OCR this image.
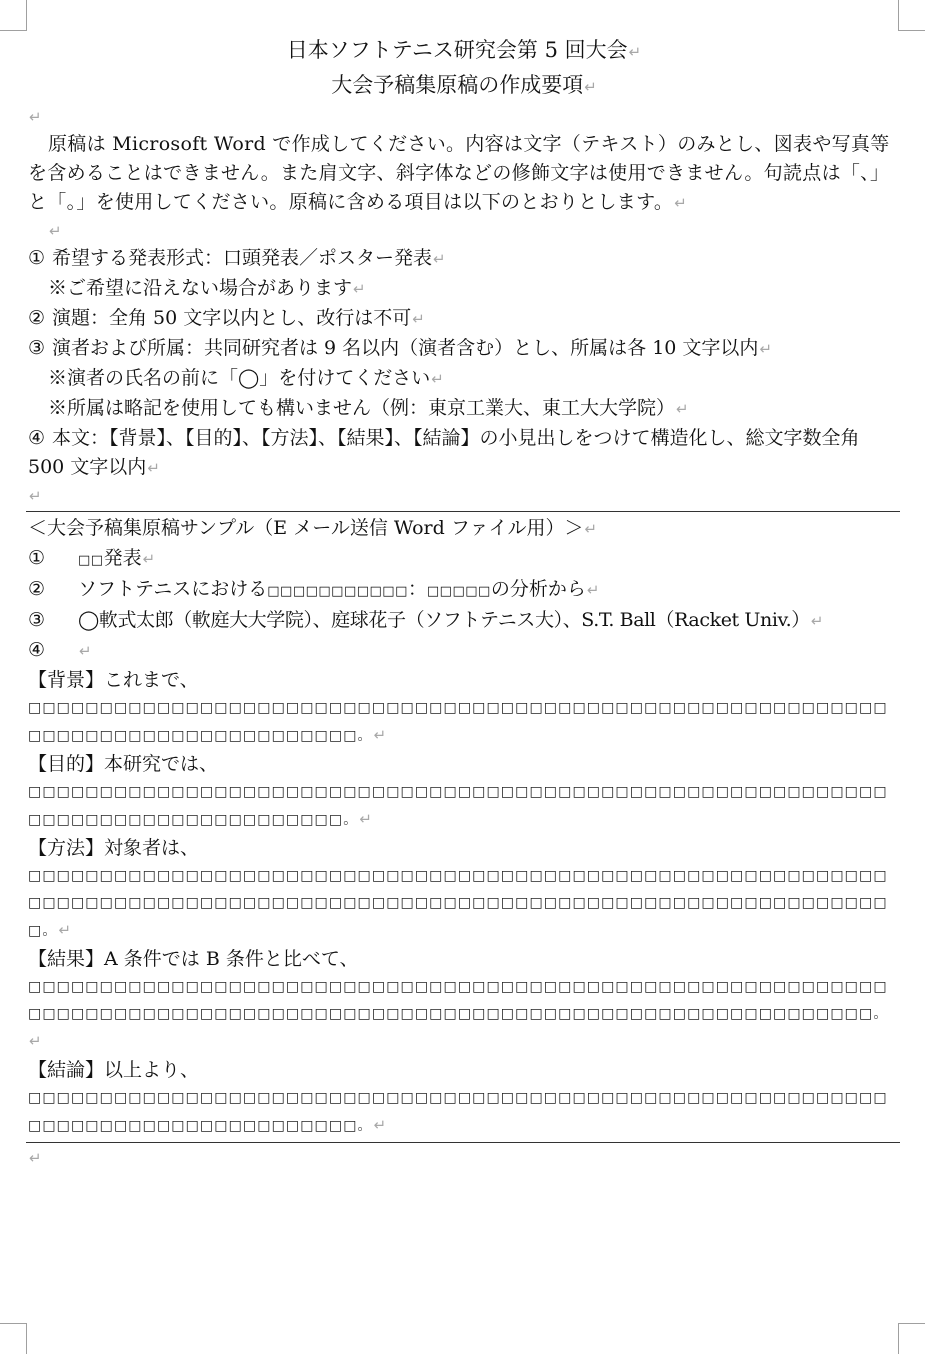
日本ソフトテニス研究会第 5 回大会↵
大会予稿集原稿の作成要項↵
↵
原稿は Microsoft Word で作成してください。内容は文字（テキスト）のみとし、図表や写真等を含めることはできません。また肩文字、斜字体などの修飾文字は使用できません。句読点は「、」と「。」を使用してください。原稿に含める項目は以下のとおりとします。↵
↵
① 希望する発表形式：口頭発表／ポスター発表↵
※ご希望に沿えない場合があります↵
② 演題：全角 50 文字以内とし、改行は不可↵
③ 演者および所属：共同研究者は 9 名以内（演者含む）とし、所属は各 10 文字以内↵
※演者の氏名の前に「◯」を付けてください↵
※所属は略記を使用しても構いません（例：東京工業大、東工大大学院）↵
④ 本文：【背景】、【目的】、【方法】、【結果】、【結論】の小見出しをつけて構造化し、総文字数全角 500 文字以内↵
↵
＜大会予稿集原稿サンプル（E メール送信 Word ファイル用）＞↵
①	□□発表↵
②	ソフトテニスにおける□□□□□□□□□□□：□□□□□の分析から↵
③	◯軟式太郎（軟庭大大学院）、庭球花子（ソフトテニス大）、S.T. Ball（Racket Univ.）↵
④	↵
【背景】これまで、
□□□□□□□□□□□□□□□□□□□□□□□□□□□□□□□□□□□□□□□□□□□□□□□□□□□□□□□□□□□□□□□□□□□□□□□□□□□□□□□□□□□。↵
【目的】本研究では、
□□□□□□□□□□□□□□□□□□□□□□□□□□□□□□□□□□□□□□□□□□□□□□□□□□□□□□□□□□□□□□□□□□□□□□□□□□□□□□□□□□。↵
【方法】対象者は、
□□□□□□□□□□□□□□□□□□□□□□□□□□□□□□□□□□□□□□□□□□□□□□□□□□□□□□□□□□□□□□□□□□□□□□□□□□□□□□□□□□□□□□□□□□□□□□□□□□□□□□□□□□□□□□□□□□□□□□□□□。↵
【結果】A 条件では B 条件と比べて、
□□□□□□□□□□□□□□□□□□□□□□□□□□□□□□□□□□□□□□□□□□□□□□□□□□□□□□□□□□□□□□□□□□□□□□□□□□□□□□□□□□□□□□□□□□□□□□□□□□□□□□□□□□□□□□□□□□□□□□□。↵
【結論】以上より、
□□□□□□□□□□□□□□□□□□□□□□□□□□□□□□□□□□□□□□□□□□□□□□□□□□□□□□□□□□□□□□□□□□□□□□□□□□□□□□□□□□□。↵
↵
